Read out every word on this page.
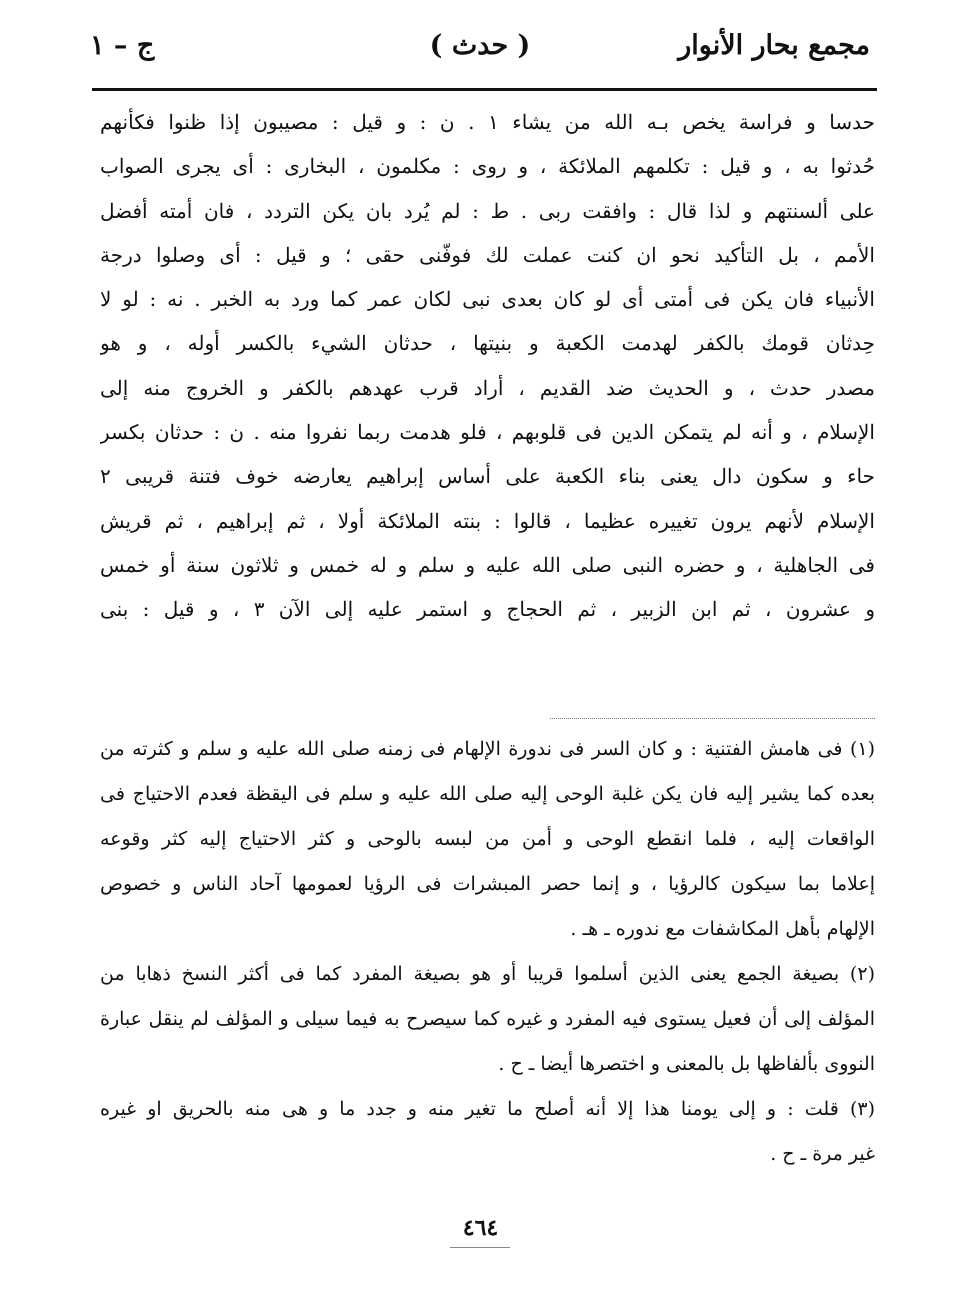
مجمع بحار الأنوار
( حدث )
ج – ١
حدسا و فراسة يخص بـه الله من يشاء ١ . ن : و قيل : مصيبون إذا ظنوا فكأنهم
حُدثوا به ، و قيل : تكلمهم الملائكة ، و روى : مكلمون ، البخارى : أى يجرى الصواب
على ألسنتهم و لذا قال : وافقت ربى . ط : لم يُرد بان يكن التردد ، فان أمته أفضل
الأمم ، بل التأكيد نحو ان كنت عملت لك فوفّنى حقى ؛ و قيل : أى وصلوا درجة
الأنبياء فان يكن فى أمتى أى لو كان بعدى نبى لكان عمر كما ورد به الخبر . نه : لو لا
حِدثان قومك بالكفر لهدمت الكعبة و بنيتها ، حدثان الشيء بالكسر أوله ، و هو
مصدر حدث ، و الحديث ضد القديم ، أراد قرب عهدهم بالكفر و الخروج منه إلى
الإسلام ، و أنه لم يتمكن الدين فى قلوبهم ، فلو هدمت ربما نفروا منه . ن : حدثان بكسر
حاء و سكون دال يعنى بناء الكعبة على أساس إبراهيم يعارضه خوف فتنة قريبى ٢
الإسلام لأنهم يرون تغييره عظيما ، قالوا : بنته الملائكة أولا ، ثم إبراهيم ، ثم قريش
فى الجاهلية ، و حضره النبى صلى الله عليه و سلم و له خمس و ثلاثون سنة أو خمس
و عشرون ، ثم ابن الزبير ، ثم الحجاج و استمر عليه إلى الآن ٣ ، و قيل : بنى
(١) فى هامش الفتنية : و كان السر فى ندورة الإلهام فى زمنه صلى الله عليه و سلم و كثرته من
بعده كما يشير إليه فان يكن غلبة الوحى إليه صلى الله عليه و سلم فى اليقظة فعدم الاحتياج فى
الواقعات إليه ، فلما انقطع الوحى و أمن من لبسه بالوحى و كثر الاحتياج إليه كثر وقوعه
إعلاما بما سيكون كالرؤيا ، و إنما حصر المبشرات فى الرؤيا لعمومها آحاد الناس و خصوص
الإلهام بأهل المكاشفات مع ندوره ـ هـ .
(٢) بصيغة الجمع يعنى الذين أسلموا قريبا أو هو بصيغة المفرد كما فى أكثر النسخ ذهابا من
المؤلف إلى أن فعيل يستوى فيه المفرد و غيره كما سيصرح به فيما سيلى و المؤلف لم ينقل عبارة
النووى بألفاظها بل بالمعنى و اختصرها أيضا ـ ح .
(٣) قلت : و إلى يومنا هذا إلا أنه أصلح ما تغير منه و جدد ما و هى منه بالحريق او غيره
غير مرة ـ ح .
٤٦٤
